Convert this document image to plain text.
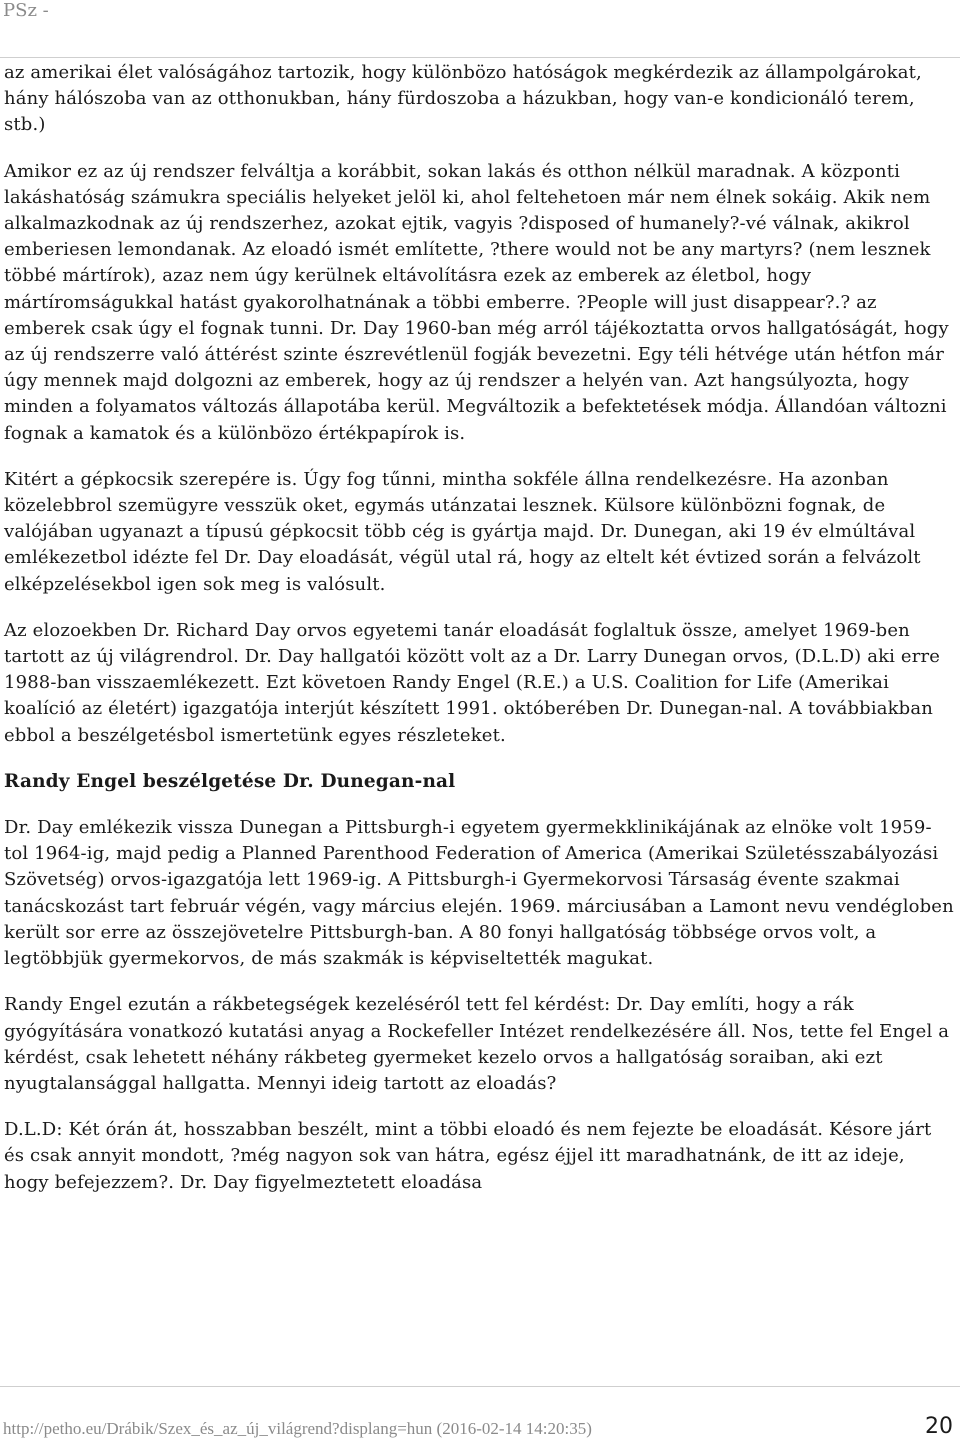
PSz -

az amerikai élet valóságához tartozik, hogy különbözo hatóságok megkérdezik az állampolgárokat, hány hálószoba van az otthonukban, hány fürdoszoba a házukban, hogy van-e kondicionáló terem, stb.)

Amikor ez az új rendszer felváltja a korábbit, sokan lakás és otthon nélkül maradnak. A központi lakáshatóság számukra speciális helyeket jelöl ki, ahol feltehetoen már nem élnek sokáig. Akik nem alkalmazkodnak az új rendszerhez, azokat ejtik, vagyis ?disposed of humanely?-vé válnak, akikrol emberiesen lemondanak. Az eloadó ismét említette, ?there would not be any martyrs? (nem lesznek többé mártírok), azaz nem úgy kerülnek eltávolításra ezek az emberek az életbol, hogy mártíromságukkal hatást gyakorolhatnának a többi emberre. ?People will just disappear?.? az emberek csak úgy el fognak tunni. Dr. Day 1960-ban még arról tájékoztatta orvos hallgatóságát, hogy az új rendszerre való áttérést szinte észrevétlenül fogják bevezetni. Egy téli hétvége után hétfon már úgy mennek majd dolgozni az emberek, hogy az új rendszer a helyén van. Azt hangsúlyozta, hogy minden a folyamatos változás állapotába kerül. Megváltozik a befektetések módja. Állandóan változni fognak a kamatok és a különbözo értékpapírok is.

Kitért a gépkocsik szerepére is. Úgy fog tűnni, mintha sokféle állna rendelkezésre. Ha azonban közelebbrol szemügyre vesszük oket, egymás utánzatai lesznek. Külsore különbözni fognak, de valójában ugyanazt a típusú gépkocsit több cég is gyártja majd. Dr. Dunegan, aki 19 év elmúltával emlékezetbol idézte fel Dr. Day eloadását, végül utal rá, hogy az eltelt két évtized során a felvázolt elképzelésekbol igen sok meg is valósult.

Az elozoekben Dr. Richard Day orvos egyetemi tanár eloadását foglaltuk össze, amelyet 1969-ben tartott az új világrendrol. Dr. Day hallgatói között volt az a Dr. Larry Dunegan orvos, (D.L.D) aki erre 1988-ban visszaemlékezett. Ezt követoen Randy Engel (R.E.) a U.S. Coalition for Life (Amerikai koalíció az életért) igazgatója interjút készített 1991. októberében Dr. Dunegan-nal. A továbbiakban ebbol a beszélgetésbol ismertetünk egyes részleteket.

Randy Engel beszélgetése Dr. Dunegan-nal

Dr. Day emlékezik vissza Dunegan a Pittsburgh-i egyetem gyermekklinikájának az elnöke volt 1959-tol 1964-ig, majd pedig a Planned Parenthood Federation of America (Amerikai Születésszabályozási Szövetség) orvos-igazgatója lett 1969-ig. A Pittsburgh-i Gyermekorvosi Társaság évente szakmai tanácskozást tart február végén, vagy március elején. 1969. márciusában a Lamont nevu vendégloben került sor erre az összejövetelre Pittsburgh-ban. A 80 fonyi hallgatóság többsége orvos volt, a legtöbbjük gyermekorvos, de más szakmák is képviseltették magukat.

Randy Engel ezután a rákbetegségek kezeléséról tett fel kérdést: Dr. Day említi, hogy a rák gyógyítására vonatkozó kutatási anyag a Rockefeller Intézet rendelkezésére áll. Nos, tette fel Engel a kérdést, csak lehetett néhány rákbeteg gyermeket kezelo orvos a hallgatóság soraiban, aki ezt nyugtalansággal hallgatta. Mennyi ideig tartott az eloadás?

D.L.D: Két órán át, hosszabban beszélt, mint a többi eloadó és nem fejezte be eloadását. Késore járt és csak annyit mondott, ?még nagyon sok van hátra, egész éjjel itt maradhatnánk, de itt az ideje, hogy befejezzem?. Dr. Day figyelmeztetett eloadása

http://petho.eu/Drábik/Szex_és_az_új_világrend?displang=hun (2016-02-14 14:20:35)	20
